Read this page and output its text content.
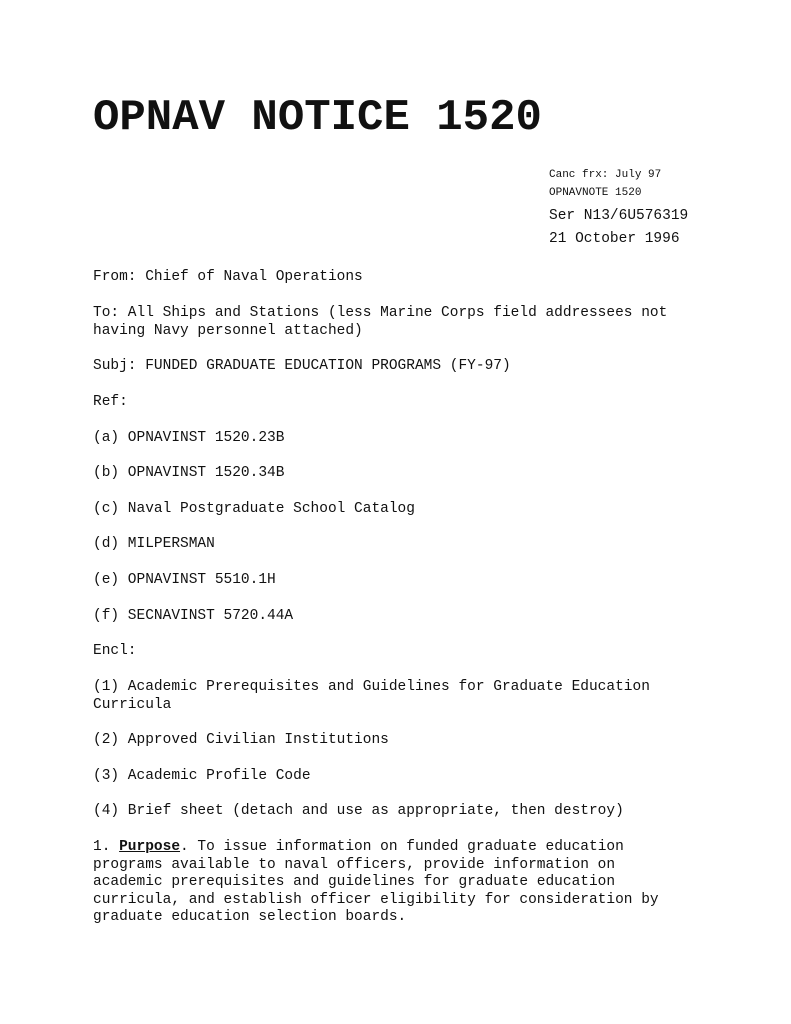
OPNAV NOTICE 1520
Canc frx: July 97
OPNAVNOTE 1520
Ser N13/6U576319
21 October 1996
From: Chief of Naval Operations
To: All Ships and Stations (less Marine Corps field addressees not having Navy personnel attached)
Subj: FUNDED GRADUATE EDUCATION PROGRAMS (FY-97)
Ref:
(a) OPNAVINST 1520.23B
(b) OPNAVINST 1520.34B
(c) Naval Postgraduate School Catalog
(d) MILPERSMAN
(e) OPNAVINST 5510.1H
(f) SECNAVINST 5720.44A
Encl:
(1) Academic Prerequisites and Guidelines for Graduate Education Curricula
(2) Approved Civilian Institutions
(3) Academic Profile Code
(4) Brief sheet (detach and use as appropriate, then destroy)
1. Purpose. To issue information on funded graduate education programs available to naval officers, provide information on academic prerequisites and guidelines for graduate education curricula, and establish officer eligibility for consideration by graduate education selection boards.
